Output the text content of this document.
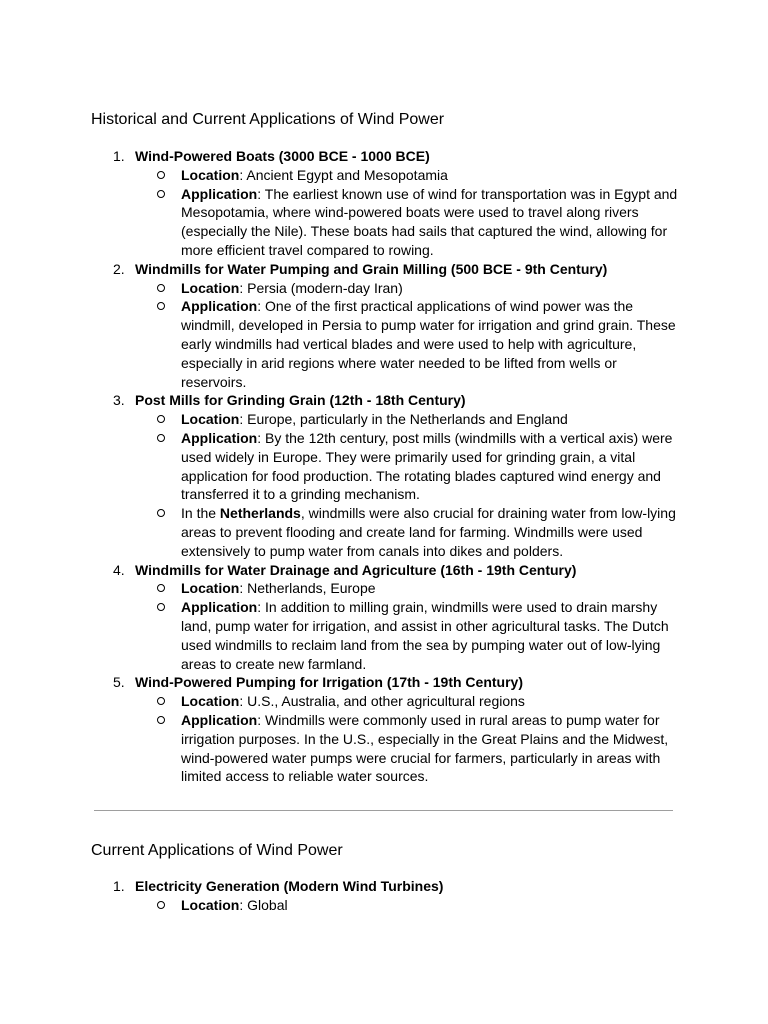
Historical and Current Applications of Wind Power
1. Wind-Powered Boats (3000 BCE - 1000 BCE)
Location: Ancient Egypt and Mesopotamia
Application: The earliest known use of wind for transportation was in Egypt and Mesopotamia, where wind-powered boats were used to travel along rivers (especially the Nile). These boats had sails that captured the wind, allowing for more efficient travel compared to rowing.
2. Windmills for Water Pumping and Grain Milling (500 BCE - 9th Century)
Location: Persia (modern-day Iran)
Application: One of the first practical applications of wind power was the windmill, developed in Persia to pump water for irrigation and grind grain. These early windmills had vertical blades and were used to help with agriculture, especially in arid regions where water needed to be lifted from wells or reservoirs.
3. Post Mills for Grinding Grain (12th - 18th Century)
Location: Europe, particularly in the Netherlands and England
Application: By the 12th century, post mills (windmills with a vertical axis) were used widely in Europe. They were primarily used for grinding grain, a vital application for food production. The rotating blades captured wind energy and transferred it to a grinding mechanism.
In the Netherlands, windmills were also crucial for draining water from low-lying areas to prevent flooding and create land for farming. Windmills were used extensively to pump water from canals into dikes and polders.
4. Windmills for Water Drainage and Agriculture (16th - 19th Century)
Location: Netherlands, Europe
Application: In addition to milling grain, windmills were used to drain marshy land, pump water for irrigation, and assist in other agricultural tasks. The Dutch used windmills to reclaim land from the sea by pumping water out of low-lying areas to create new farmland.
5. Wind-Powered Pumping for Irrigation (17th - 19th Century)
Location: U.S., Australia, and other agricultural regions
Application: Windmills were commonly used in rural areas to pump water for irrigation purposes. In the U.S., especially in the Great Plains and the Midwest, wind-powered water pumps were crucial for farmers, particularly in areas with limited access to reliable water sources.
Current Applications of Wind Power
1. Electricity Generation (Modern Wind Turbines)
Location: Global
